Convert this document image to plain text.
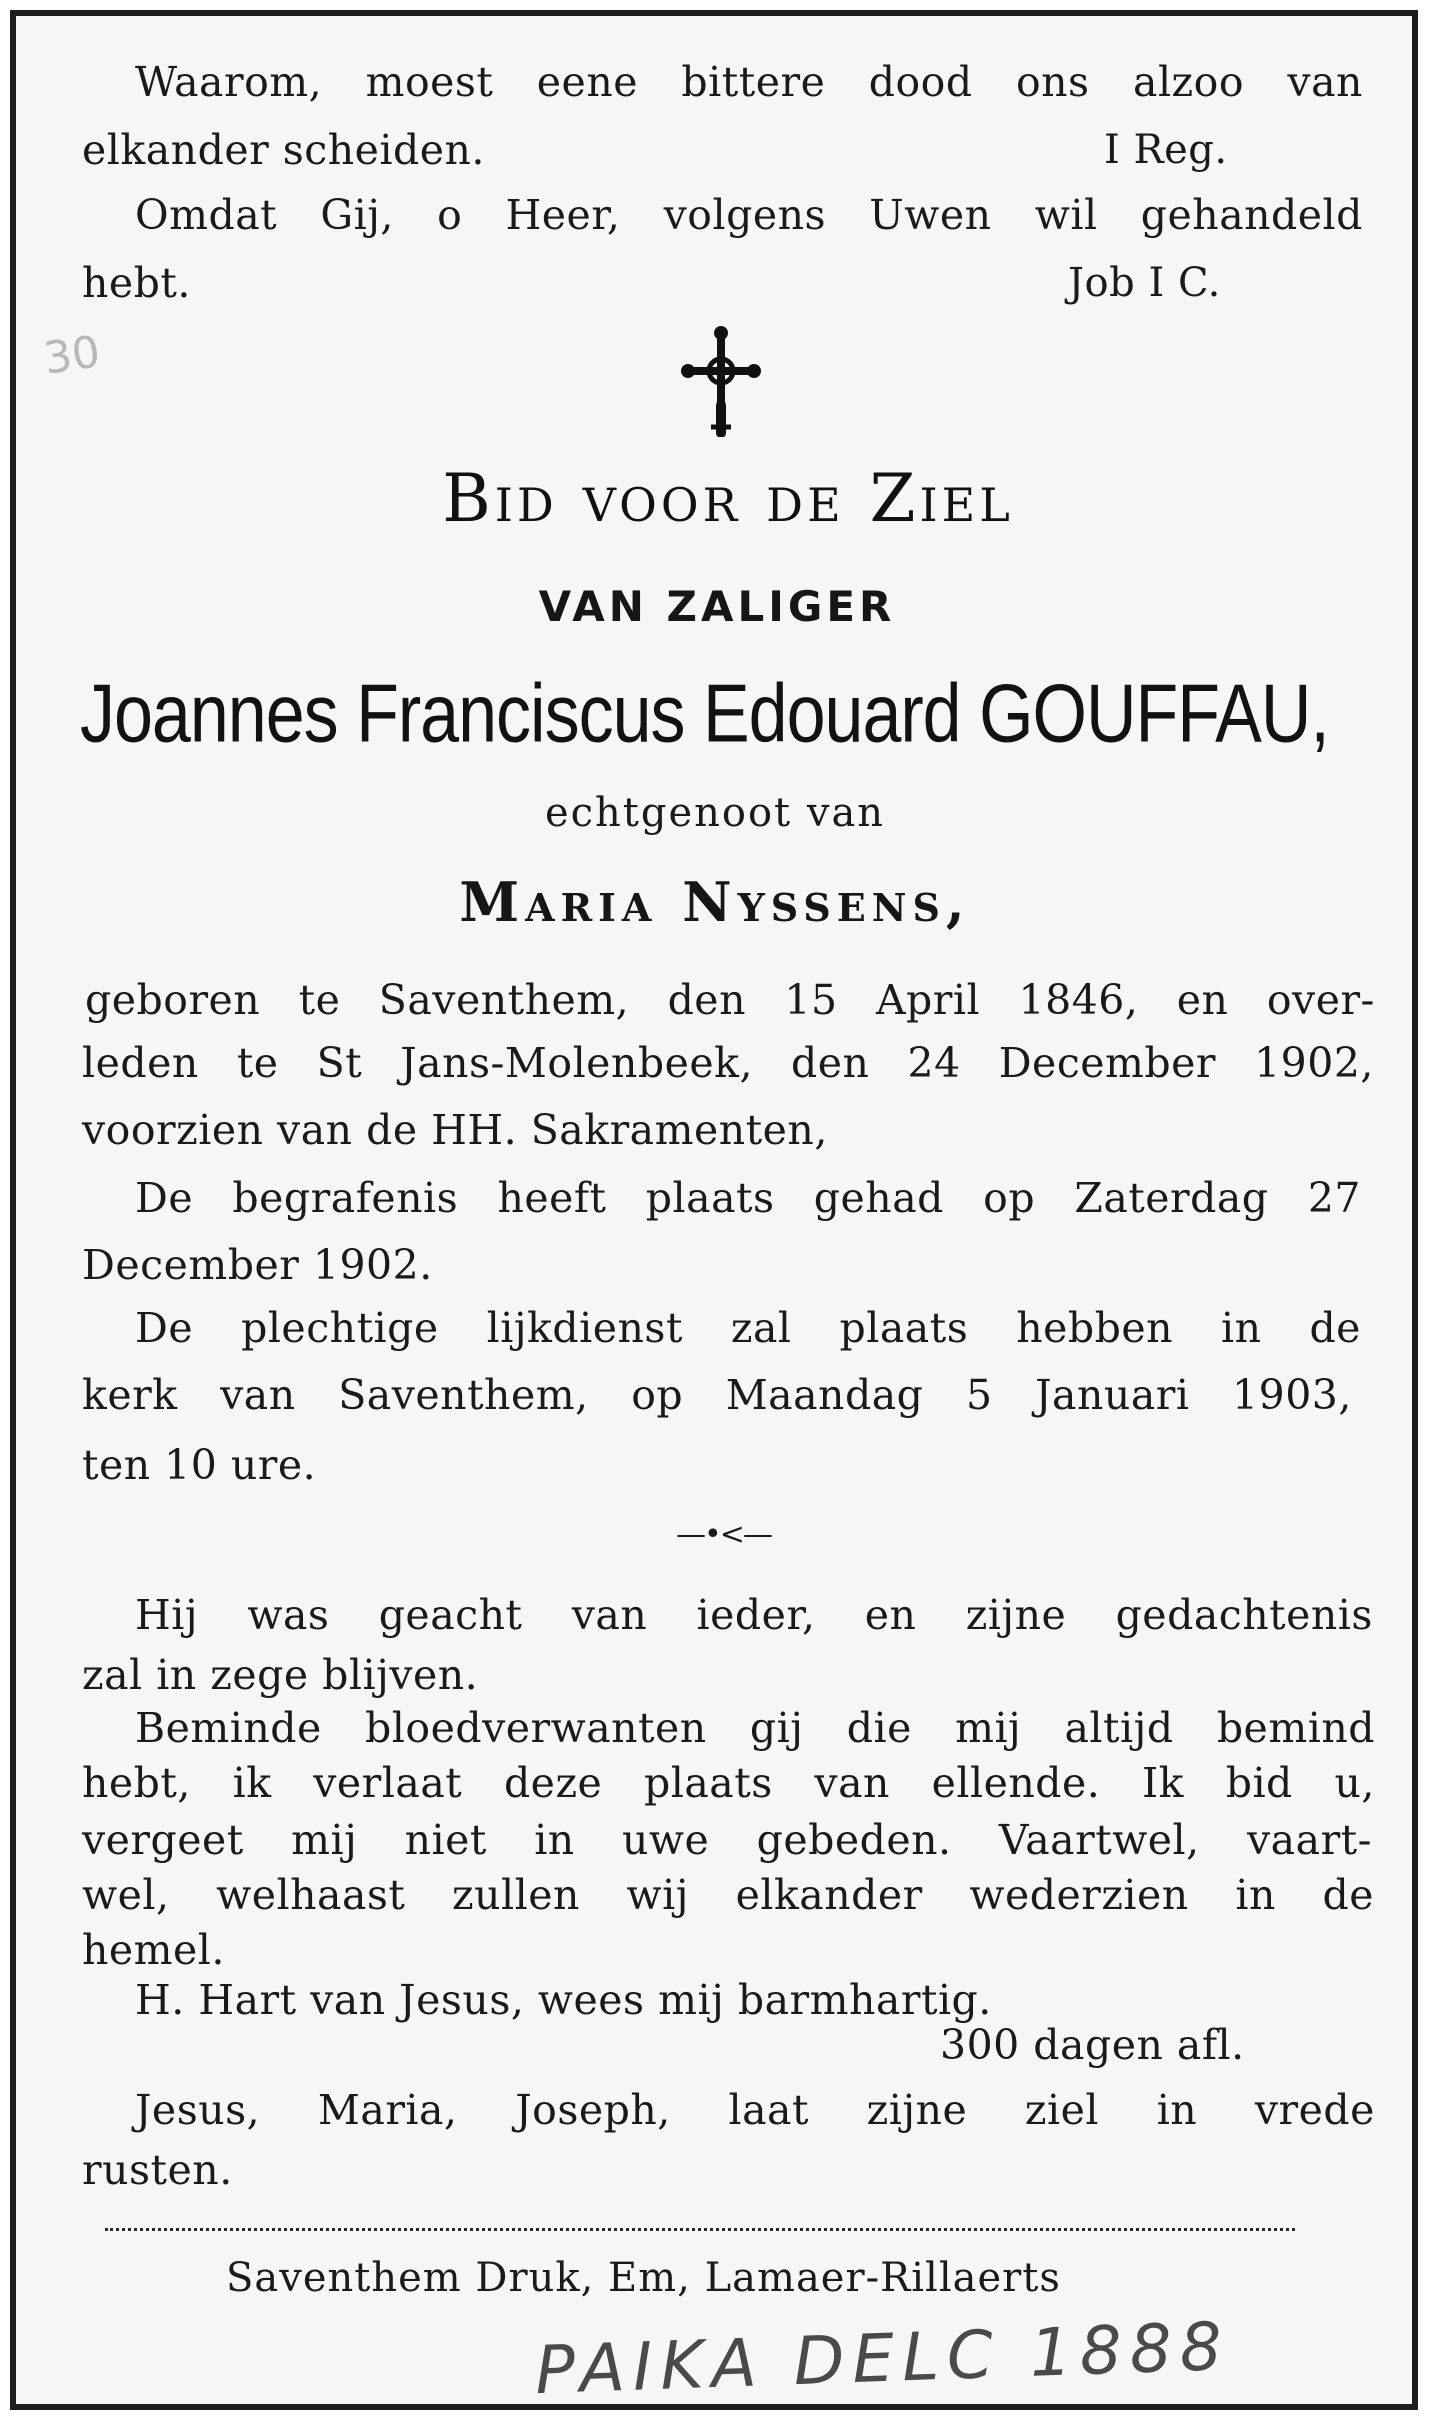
30
Waarom, moest eene bittere dood ons alzoo van
elkander scheiden.	I Reg.
Omdat Gij, o Heer, volgens Uwen wil gehandeld
hebt.	Job I C.
Bid voor de Ziel
VAN ZALIGER
Joannes Franciscus Edouard GOUFFAU,
echtgenoot van
Maria Nyssens,
geboren te Saventhem, den 15 April 1846, en over-
leden te St Jans-Molenbeek, den 24 December 1902,
voorzien van de HH. Sakramenten,
De begrafenis heeft plaats gehad op Zaterdag 27
December 1902.
De plechtige lijkdienst zal plaats hebben in de
kerk van Saventhem, op Maandag 5 Januari 1903,
ten 10 ure.
—•<—
Hij was geacht van ieder, en zijne gedachtenis
zal in zege blijven.
Beminde bloedverwanten gij die mij altijd bemind
hebt, ik verlaat deze plaats van ellende. Ik bid u,
vergeet mij niet in uwe gebeden. Vaartwel, vaart-
wel, welhaast zullen wij elkander wederzien in de
hemel.
H. Hart van Jesus, wees mij barmhartig.
300 dagen afl.
Jesus, Maria, Joseph, laat zijne ziel in vrede
rusten.
Saventhem Druk, Em, Lamaer-Rillaerts
PAIKA DELC 1888
